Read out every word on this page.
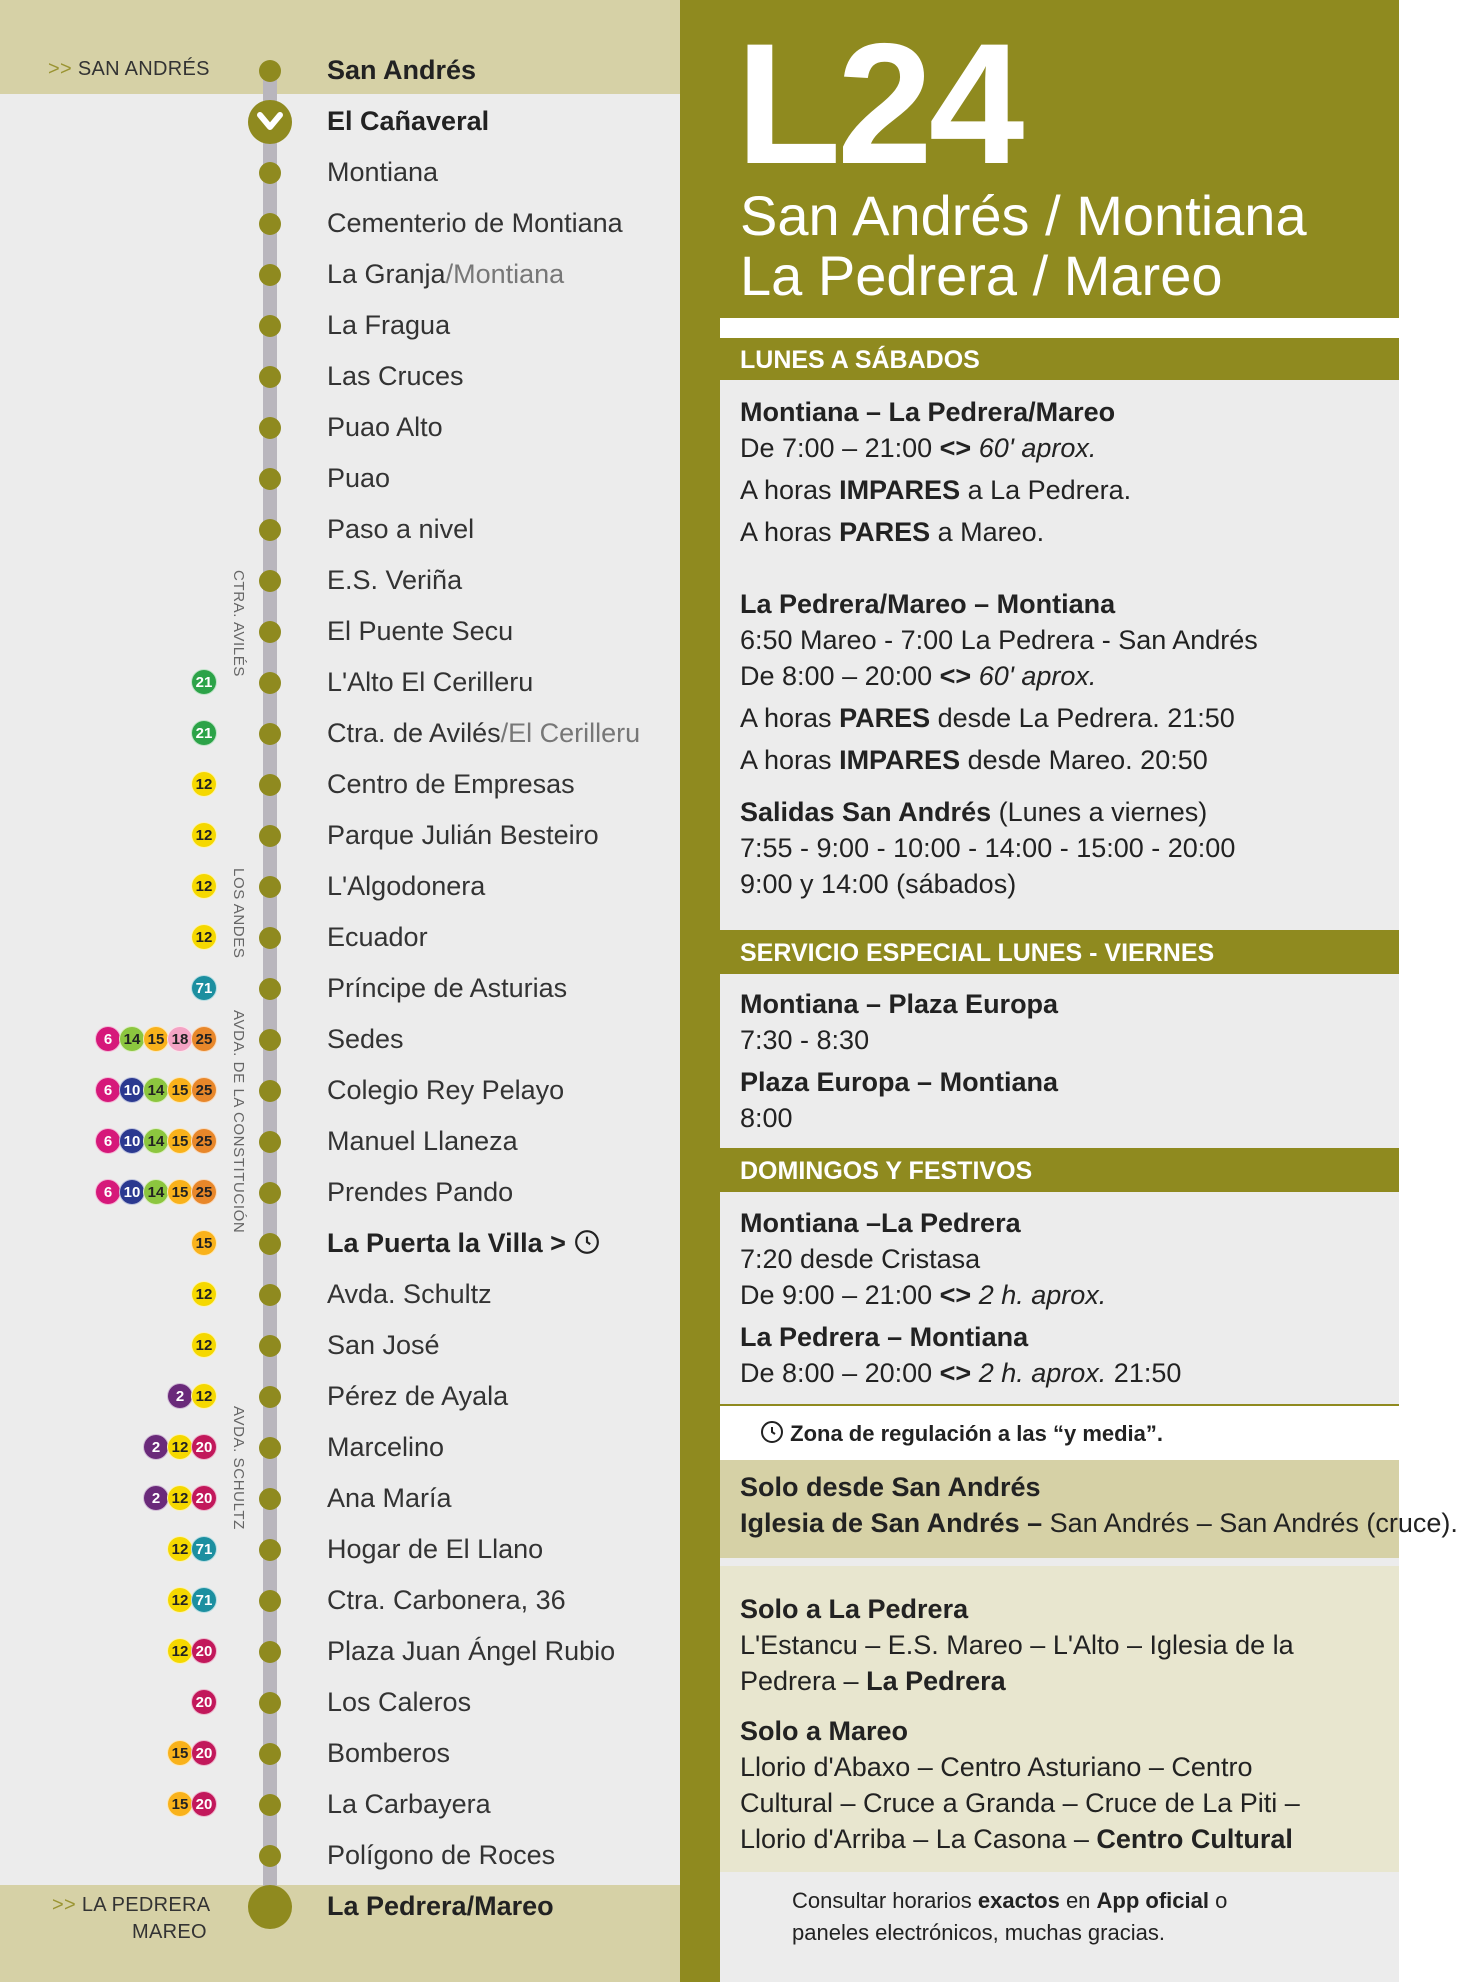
>> SAN ANDRÉS
>> LA PEDRERA
MAREO
San Andrés
El Cañaveral
Montiana
Cementerio de Montiana
La Granja/Montiana
La Fragua
Las Cruces
Puao Alto
Puao
Paso a nivel
E.S. Veriña
El Puente Secu
L'Alto El Cerilleru
21
Ctra. de Avilés/El Cerilleru
21
Centro de Empresas
12
Parque Julián Besteiro
12
L'Algodonera
12
Ecuador
12
Príncipe de Asturias
71
Sedes
25
18
15
14
6
Colegio Rey Pelayo
25
15
14
10
6
Manuel Llaneza
25
15
14
10
6
Prendes Pando
25
15
14
10
6
La Puerta la Villa >
15
Avda. Schultz
12
San José
12
Pérez de Ayala
12
2
Marcelino
20
12
2
Ana María
20
12
2
Hogar de El Llano
71
12
Ctra. Carbonera, 36
71
12
Plaza Juan Ángel Rubio
20
12
Los Caleros
20
Bomberos
20
15
La Carbayera
20
15
Polígono de Roces
La Pedrera/Mareo
CTRA. AVILÉS
LOS ANDES
AVDA. DE LA CONSTITUCIÓN
AVDA. SCHULTZ
L24
San Andrés / Montiana
La Pedrera / Mareo
LUNES A SÁBADOS
Montiana – La Pedrera/Mareo
De 7:00 – 21:00 <> 60' aprox.
A horas IMPARES a La Pedrera.
A horas PARES a Mareo.
La Pedrera/Mareo – Montiana
6:50 Mareo - 7:00 La Pedrera - San Andrés
De 8:00 – 20:00 <> 60' aprox.
A horas PARES desde La Pedrera. 21:50
A horas IMPARES desde Mareo. 20:50
Salidas San Andrés (Lunes a viernes)
7:55 - 9:00 - 10:00 - 14:00 - 15:00 - 20:00
9:00 y 14:00 (sábados)
SERVICIO ESPECIAL LUNES - VIERNES
Montiana – Plaza Europa
7:30 - 8:30
Plaza Europa – Montiana
8:00
DOMINGOS Y FESTIVOS
Montiana –La Pedrera
7:20 desde Cristasa
De 9:00 – 21:00 <> 2 h. aprox.
La Pedrera – Montiana
De 8:00 – 20:00 <> 2 h. aprox. 21:50
Zona de regulación a las “y media”.
Solo desde San Andrés
Iglesia de San Andrés – San Andrés – San Andrés (cruce).
Solo a La Pedrera
L'Estancu – E.S. Mareo – L'Alto – Iglesia de la
Pedrera – La Pedrera
Solo a Mareo
Llorio d'Abaxo – Centro Asturiano – Centro
Cultural – Cruce a Granda – Cruce de La Piti –
Llorio d'Arriba – La Casona – Centro Cultural
Consultar horarios exactos en App oficial o
paneles electrónicos, muchas gracias.
